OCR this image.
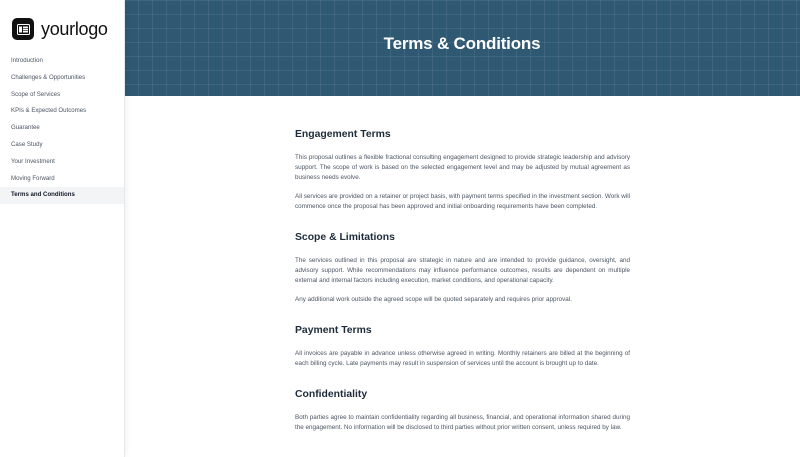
yourlogo
Introduction
Challenges & Opportunities
Scope of Services
KPIs & Expected Outcomes
Guarantee
Case Study
Your Investment
Moving Forward
Terms and Conditions
Terms & Conditions
Engagement Terms

This proposal outlines a flexible fractional consulting engagement designed to provide strategic leadership and advisory support. The scope of work is based on the selected engagement level and may be adjusted by mutual agreement as business needs evolve.

All services are provided on a retainer or project basis, with payment terms specified in the investment section. Work will commence once the proposal has been approved and initial onboarding requirements have been completed.

Scope & Limitations

The services outlined in this proposal are strategic in nature and are intended to provide guidance, oversight, and advisory support. While recommendations may influence performance outcomes, results are dependent on multiple external and internal factors including execution, market conditions, and operational capacity.

Any additional work outside the agreed scope will be quoted separately and requires prior approval.

Payment Terms

All invoices are payable in advance unless otherwise agreed in writing. Monthly retainers are billed at the beginning of each billing cycle. Late payments may result in suspension of services until the account is brought up to date.

Confidentiality

Both parties agree to maintain confidentiality regarding all business, financial, and operational information shared during the engagement. No information will be disclosed to third parties without prior written consent, unless required by law.
